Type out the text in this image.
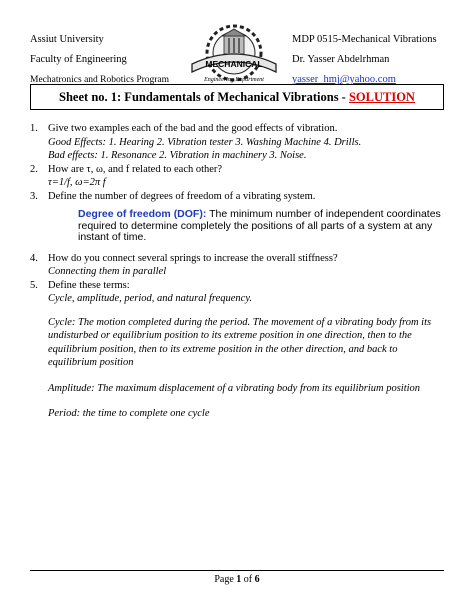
Assiut University
Faculty of Engineering
Mechatronics and Robotics Program
MECHANICAL
Engineering Department
MDP 0515-Mechanical Vibrations
Dr. Yasser Abdelrhman
yasser_hmj@yahoo.com
Sheet no. 1: Fundamentals of Mechanical Vibrations - SOLUTION
1. Give two examples each of the bad and the good effects of vibration.
Good Effects: 1. Hearing 2. Vibration tester 3. Washing Machine 4. Drills.
Bad effects: 1. Resonance 2. Vibration in machinery 3. Noise.
2. How are τ, ω, and f related to each other?
τ=1/f, ω=2π f
3. Define the number of degrees of freedom of a vibrating system.
Degree of freedom (DOF): The minimum number of independent coordinates required to determine completely the positions of all parts of a system at any instant of time.
4. How do you connect several springs to increase the overall stiffness?
Connecting them in parallel
5. Define these terms:
Cycle, amplitude, period, and natural frequency.
Cycle: The motion completed during the period. The movement of a vibrating body from its undisturbed or equilibrium position to its extreme position in one direction, then to the equilibrium position, then to its extreme position in the other direction, and back to equilibrium position
Amplitude: The maximum displacement of a vibrating body from its equilibrium position
Period: the time to complete one cycle
Page 1 of 6
